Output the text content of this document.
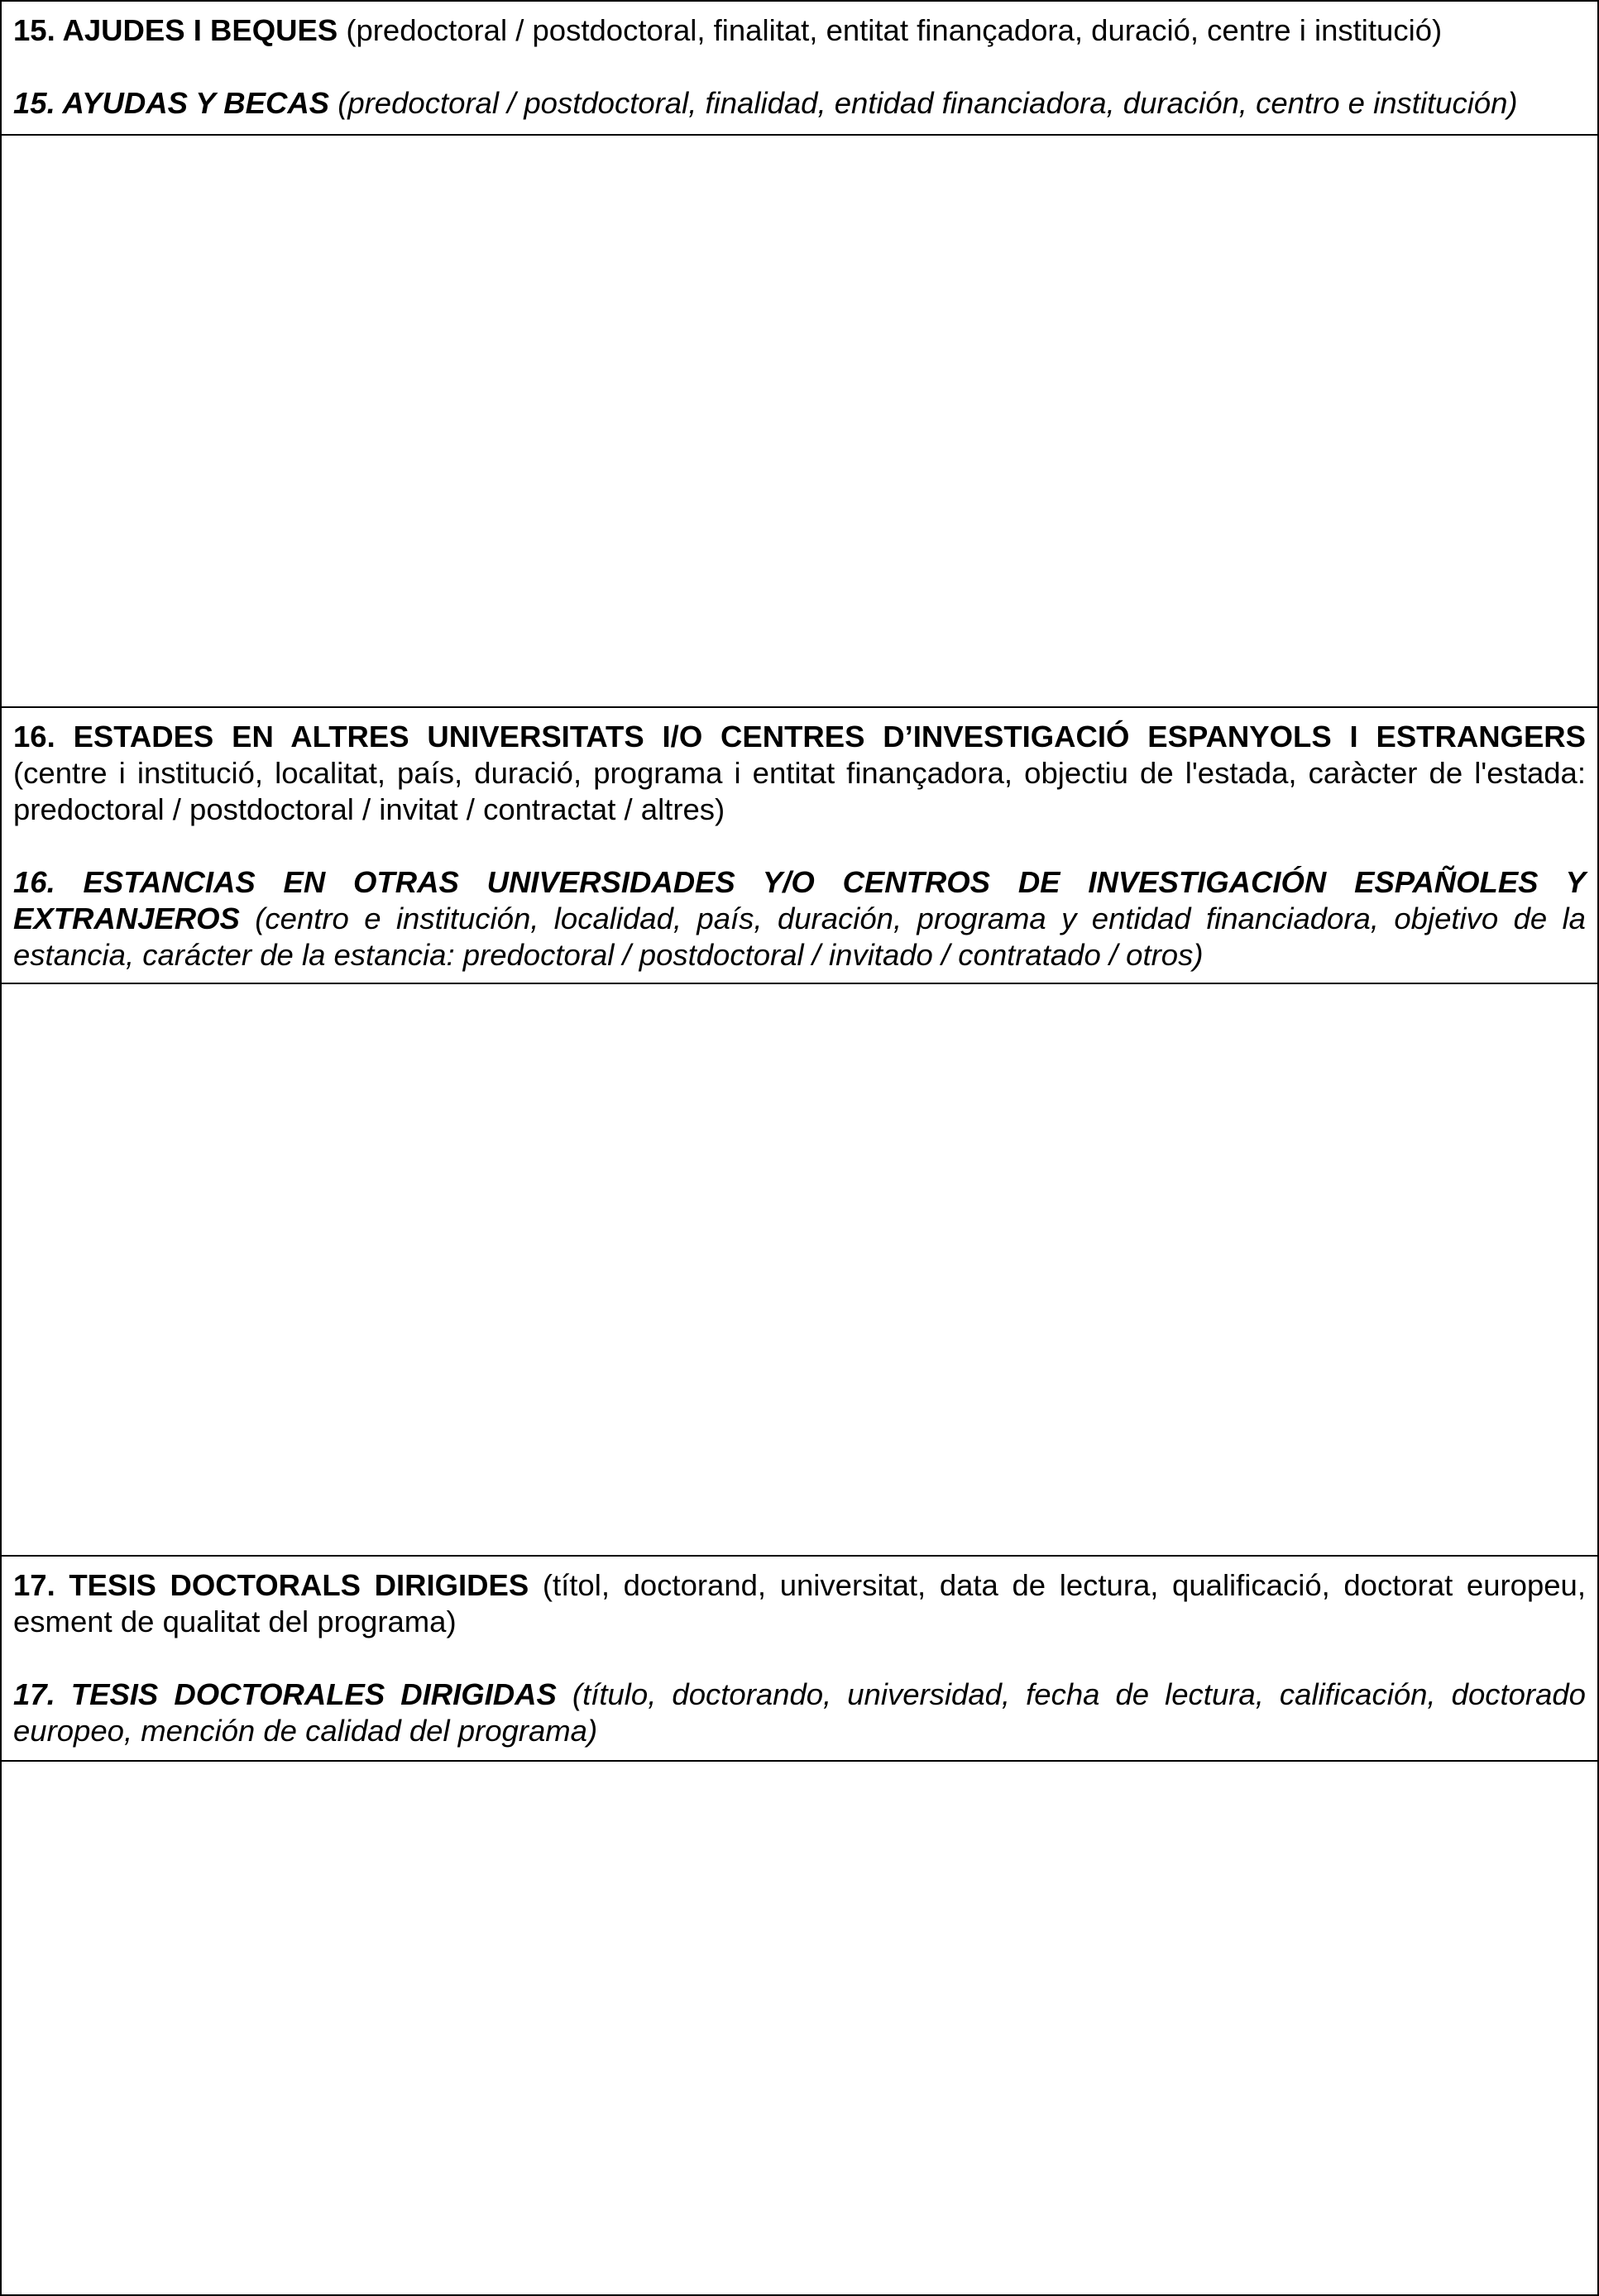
15. AJUDES I BEQUES (predoctoral / postdoctoral, finalitat, entitat finançadora, duració, centre i institució)

15. AYUDAS Y BECAS (predoctoral / postdoctoral, finalidad, entidad financiadora, duración, centro e institución)

16. ESTADES EN ALTRES UNIVERSITATS I/O CENTRES D’INVESTIGACIÓ ESPANYOLS I ESTRANGERS (centre i institució, localitat, país, duració, programa i entitat finançadora, objectiu de l'estada, caràcter de l'estada: predoctoral / postdoctoral / invitat / contractat / altres)

16. ESTANCIAS EN OTRAS UNIVERSIDADES Y/O CENTROS DE INVESTIGACIÓN ESPAÑOLES Y EXTRANJEROS (centro e institución, localidad, país, duración, programa y entidad financiadora, objetivo de la estancia, carácter de la estancia: predoctoral / postdoctoral / invitado / contratado / otros)

17. TESIS DOCTORALS DIRIGIDES (títol, doctorand, universitat, data de lectura, qualificació, doctorat europeu, esment de qualitat del programa)

17. TESIS DOCTORALES DIRIGIDAS (título, doctorando, universidad, fecha de lectura, calificación, doctorado europeo, mención de calidad del programa)
